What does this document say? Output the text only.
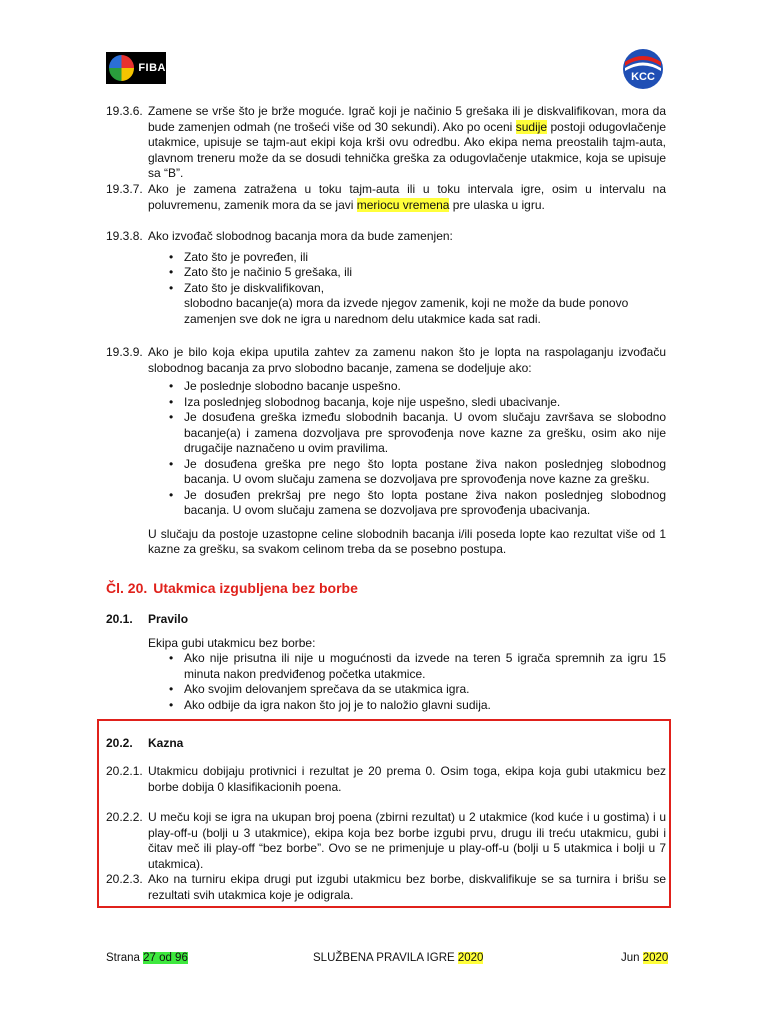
FIBA
KCC
19.3.6. Zamene se vrše što je brže moguće. Igrač koji je načinio 5 grešaka ili je diskvalifikovan, mora da bude zamenjen odmah (ne trošeći više od 30 sekundi). Ako po oceni sudije postoji odugovlačenje utakmice, upisuje se tajm-aut ekipi koja krši ovu odredbu. Ako ekipa nema preostalih tajm-auta, glavnom treneru može da se dosudi tehnička greška za odugovlačenje utakmice, koja se upisuje sa “B”.

19.3.7. Ako je zamena zatražena u toku tajm-auta ili u toku intervala igre, osim u intervalu na poluvremenu, zamenik mora da se javi meriocu vremena pre ulaska u igru.

19.3.8. Ako izvođač slobodnog bacanja mora da bude zamenjen:

• Zato što je povređen, ili
• Zato što je načinio 5 grešaka, ili
• Zato što je diskvalifikovan,

slobodno bacanje(a) mora da izvede njegov zamenik, koji ne može da bude ponovo zamenjen sve dok ne igra u narednom delu utakmice kada sat radi.

19.3.9. Ako je bilo koja ekipa uputila zahtev za zamenu nakon što je lopta na raspolaganju izvođaču slobodnog bacanja za prvo slobodno bacanje, zamena se dodeljuje ako:

• Je poslednje slobodno bacanje uspešno.
• Iza poslednjeg slobodnog bacanja, koje nije uspešno, sledi ubacivanje.
• Je dosuđena greška između slobodnih bacanja. U ovom slučaju završava se slobodno bacanje(a) i zamena dozvoljava pre sprovođenja nove kazne za grešku, osim ako nije drugačije naznačeno u ovim pravilima.
• Je dosuđena greška pre nego što lopta postane živa nakon poslednjeg slobodnog bacanja. U ovom slučaju zamena se dozvoljava pre sprovođenja nove kazne za grešku.
• Je dosuđen prekršaj pre nego što lopta postane živa nakon poslednjeg slobodnog bacanja. U ovom slučaju zamena se dozvoljava pre sprovođenja ubacivanja.

U slučaju da postoje uzastopne celine slobodnih bacanja i/ili poseda lopte kao rezultat više od 1 kazne za grešku, sa svakom celinom treba da se posebno postupa.

Čl. 20. Utakmica izgubljena bez borbe
20.1.	Pravilo

Ekipa gubi utakmicu bez borbe:

• Ako nije prisutna ili nije u mogućnosti da izvede na teren 5 igrača spremnih za igru 15 minuta nakon predviđenog početka utakmice.
• Ako svojim delovanjem sprečava da se utakmica igra.
• Ako odbije da igra nakon što joj je to naložio glavni sudija.
20.2.	Kazna

20.2.1. Utakmicu dobijaju protivnici i rezultat je 20 prema 0. Osim toga, ekipa koja gubi utakmicu bez borbe dobija 0 klasifikacionih poena.

20.2.2. U meču koji se igra na ukupan broj poena (zbirni rezultat) u 2 utakmice (kod kuće i u gostima) i u play-off-u (bolji u 3 utakmice), ekipa koja bez borbe izgubi prvu, drugu ili treću utakmicu, gubi i čitav meč ili play-off “bez borbe”. Ovo se ne primenjuje u play-off-u (bolji u 5 utakmica i bolji u 7 utakmica).

20.2.3. Ako na turniru ekipa drugi put izgubi utakmicu bez borbe, diskvalifikuje se sa turnira i brišu se rezultati svih utakmica koje je odigrala.

Strana 27 od 96	SLUŽBENA PRAVILA IGRE 2020	Jun 2020
